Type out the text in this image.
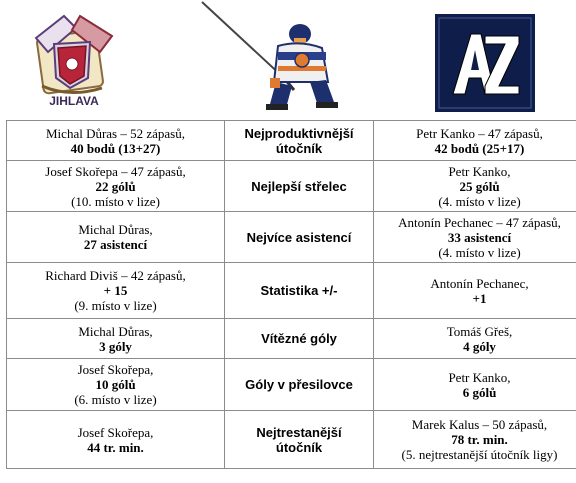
JIHLAVA
Michal Důras – 52 zápasů,
40 bodů (13+27)	Nejproduktivnější
útočník	Petr Kanko – 47 zápasů,
42 bodů (25+17)

Josef Skořepa – 47 zápasů,
22 gólů
(10. místo v lize)	Nejlepší střelec	Petr Kanko,
25 gólů
(4. místo v lize)

Michal Důras,
27 asistencí	Nejvíce asistencí	Antonín Pechanec – 47 zápasů,
33 asistencí
(4. místo v lize)

Richard Diviš – 42 zápasů,
+ 15
(9. místo v lize)	Statistika +/-	Antonín Pechanec,
+1

Michal Důras,
3 góly	Vítězné góly	Tomáš Gřeš,
4 góly

Josef Skořepa,
10 gólů
(6. místo v lize)	Góly v přesilovce	Petr Kanko,
6 gólů

Josef Skořepa,
44 tr. min.	Nejtrestanější
útočník	Marek Kalus – 50 zápasů,
78 tr. min.
(5. nejtrestanější útočník ligy)
